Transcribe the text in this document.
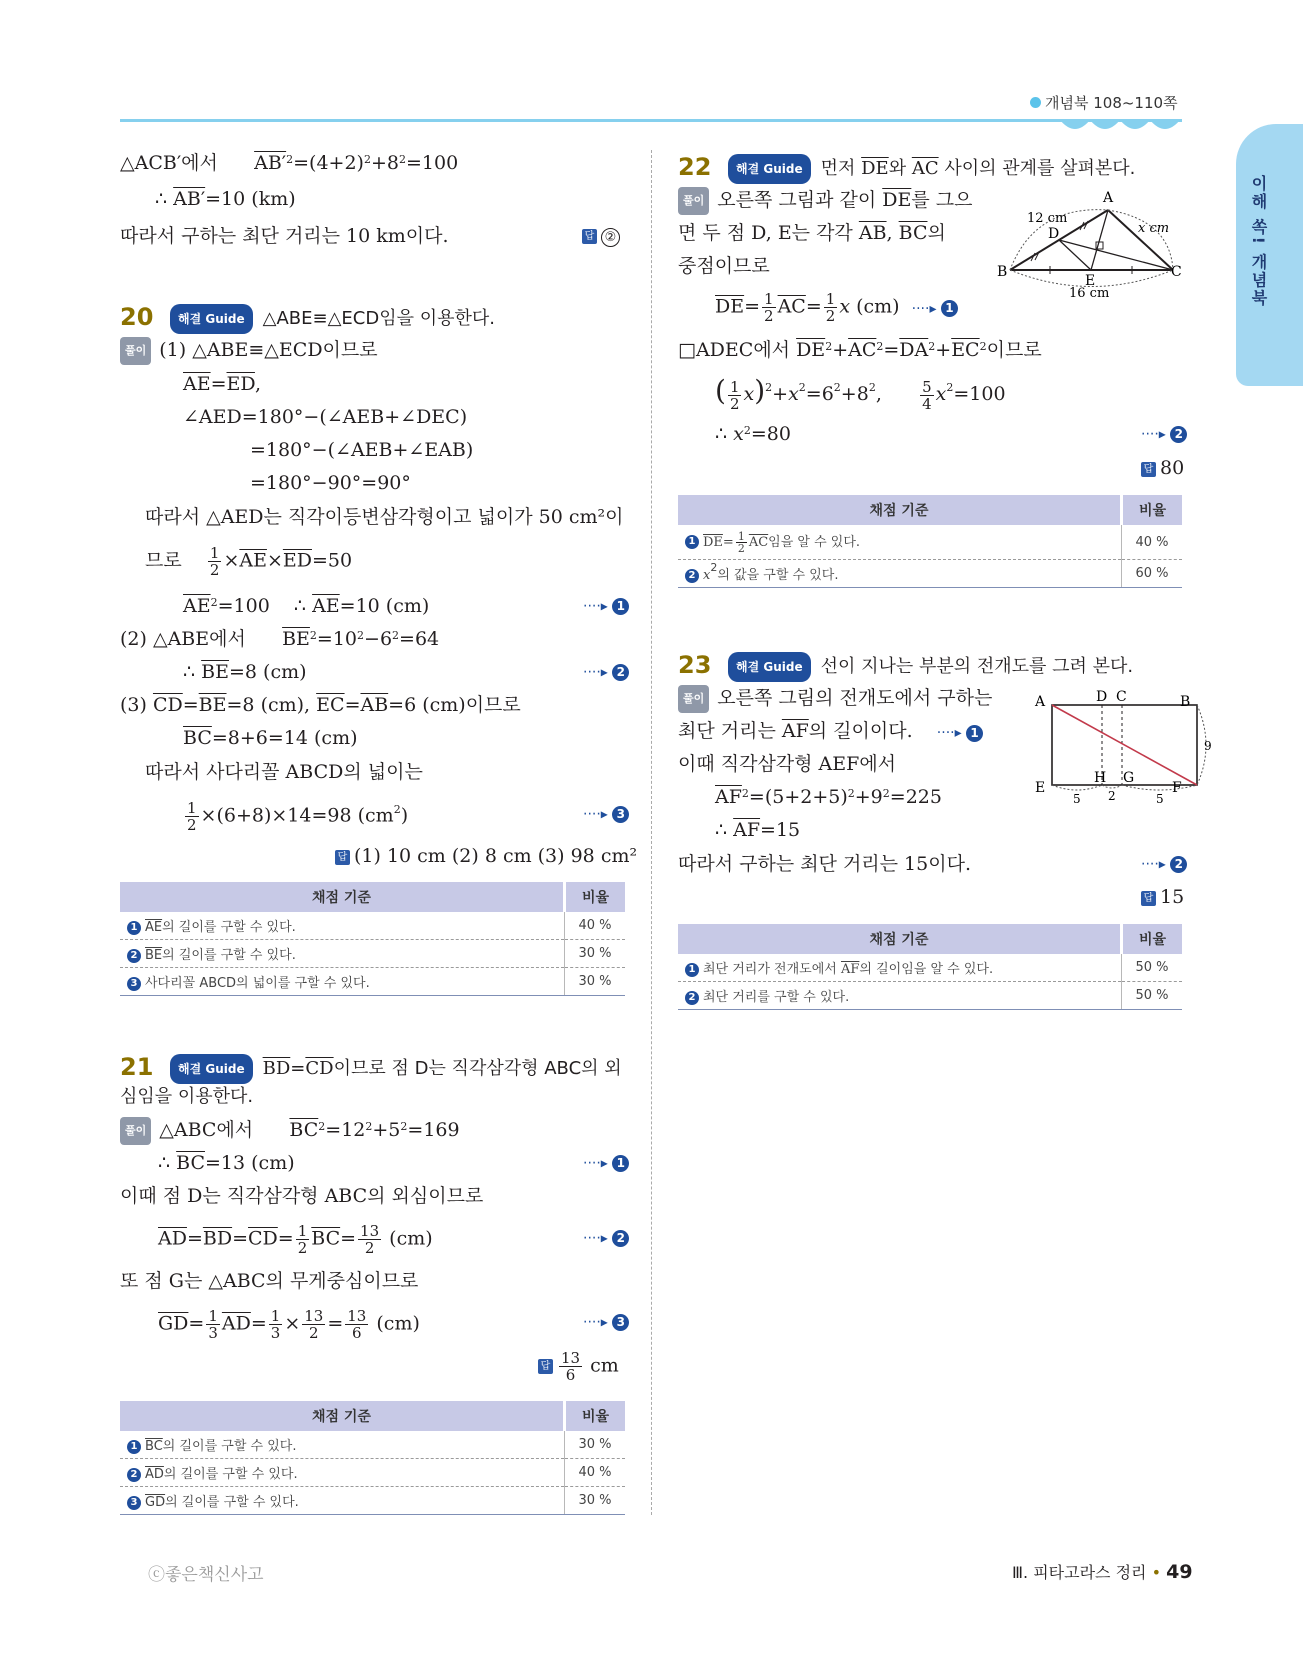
개념북 108~110쪽
이해 쏙! 개념북
△ACB′에서 $AB'^2=(4+2)^2+8^2=100$
∴ AB′=10 (km)
따라서 구하는 최단 거리는 10 km이다.	답 ②
20	해결 Guide △ABE≡△ECD임을 이용한다.
풀이 (1) △ABE≡△ECD이므로
$\overline{AE}=\overline{ED}$,
∠AED=180°−(∠AEB+∠DEC)
=180°−(∠AEB+∠EAB)
=180°−90°=90°
따라서 △AED는 직각이등변삼각형이고 넓이가 50 cm²이
므로 $\frac{1}{2} \times\overline{AE}\times\overline{ED}=50$
$\overline{AE}^2=100$    ∴ $\overline{AE}=10$ (cm)	····▸ 1
(2) △ABE에서 $\overline{BE}^2=10^2-6^2=64$
∴ $\overline{BE}=8$ (cm)	····▸ 2
(3) $\overline{CD}=\overline{BE}=8$ (cm), $\overline{EC}=\overline{AB}=6$ (cm)이므로
$\overline{BC}=8+6=14$ (cm)
따라서 사다리꼴 ABCD의 넓이는
$\frac{1}{2} \times(6+8)\times 14=98$ $(cm^2)$	····▸ 3
답 (1) 10 cm (2) 8 cm (3) 98 cm²
채점 기준	비율
1 $\overline{AE}$의 길이를 구할 수 있다.	40 %
2 $\overline{BE}$의 길이를 구할 수 있다.	30 %
3 사다리꼴 ABCD의 넓이를 구할 수 있다.	30 %
21	해결 Guide $\overline{BD}=\overline{CD}$이므로 점 D는 직각삼각형 ABC의 외
심임을 이용한다.
풀이 △ABC에서 $\overline{BC}^2=12^2+5^2=169$
∴ $\overline{BC}=13$ (cm)	····▸ 1
이때 점 D는 직각삼각형 ABC의 외심이므로
$\overline{AD}=\overline{BD}=\overline{CD}= \frac{1}{2} \overline{BC}= \frac{13}{2} (cm)$	····▸ 2
또 점 G는 △ABC의 무게중심이므로
$\overline{GD}= \frac{1}{3} \overline{AD}= \frac{1}{3} \times \frac{13}{2} = \frac{13}{6} (cm)$	····▸ 3
답 $\frac{13}{6}$ cm
채점 기준	비율
1 $\overline{BC}$의 길이를 구할 수 있다.	30 %
2 $\overline{AD}$의 길이를 구할 수 있다.	40 %
3 $\overline{GD}$의 길이를 구할 수 있다.	30 %
22	해결 Guide 먼저 $\overline{DE}$와 $\overline{AC}$ 사이의 관계를 살펴본다.
풀이 오른쪽 그림과 같이 $\overline{DE}$를 그으
면 두 점 D, E는 각각 $\overline{AB}$, $\overline{BC}$의
중점이므로
$\overline{DE}= \frac{1}{2} \overline{AC}= \frac{1}{2}$ x (cm)  ····▸ 1
□ADEC에서 $\overline{DE}^2+\overline{AC}^2=\overline{DA}^2+\overline{EC}^2$이므로
( $\frac{1}{2} x)^2+x^2=6^2+8^2$, $\frac{5}{4} x^2=100$
∴ $x^2=80$	····▸ 2
답 80
A
B	C
D
E
12 cm
x cm
16 cm
채점 기준	비율
1 $\overline{DE}= \frac{1}{2} \overline{AC}$임을 알 수 있다.	40 %
2 $x^2$의 값을 구할 수 있다.	60 %
23	해결 Guide 선이 지나는 부분의 전개도를 그려 본다.
풀이 오른쪽 그림의 전개도에서 구하는
최단 거리는 $\overline{AF}$의 길이이다. ····▸ 1
이때 직각삼각형 AEF에서
$\overline{AF}^2=(5+2+5)^2+9^2=225$
∴ $\overline{AF}=15$
따라서 구하는 최단 거리는 15이다.	····▸ 2
답 15
A	D C	B
E
H G
F
9
5 2	5
채점 기준	비율
1 최단 거리가 전개도에서 $\overline{AF}$의 길이임을 알 수 있다.	50 %
2 최단 거리를 구할 수 있다.	50 %
ⓒ좋은책신사고	Ⅲ. 피타고라스 정리 • 49
